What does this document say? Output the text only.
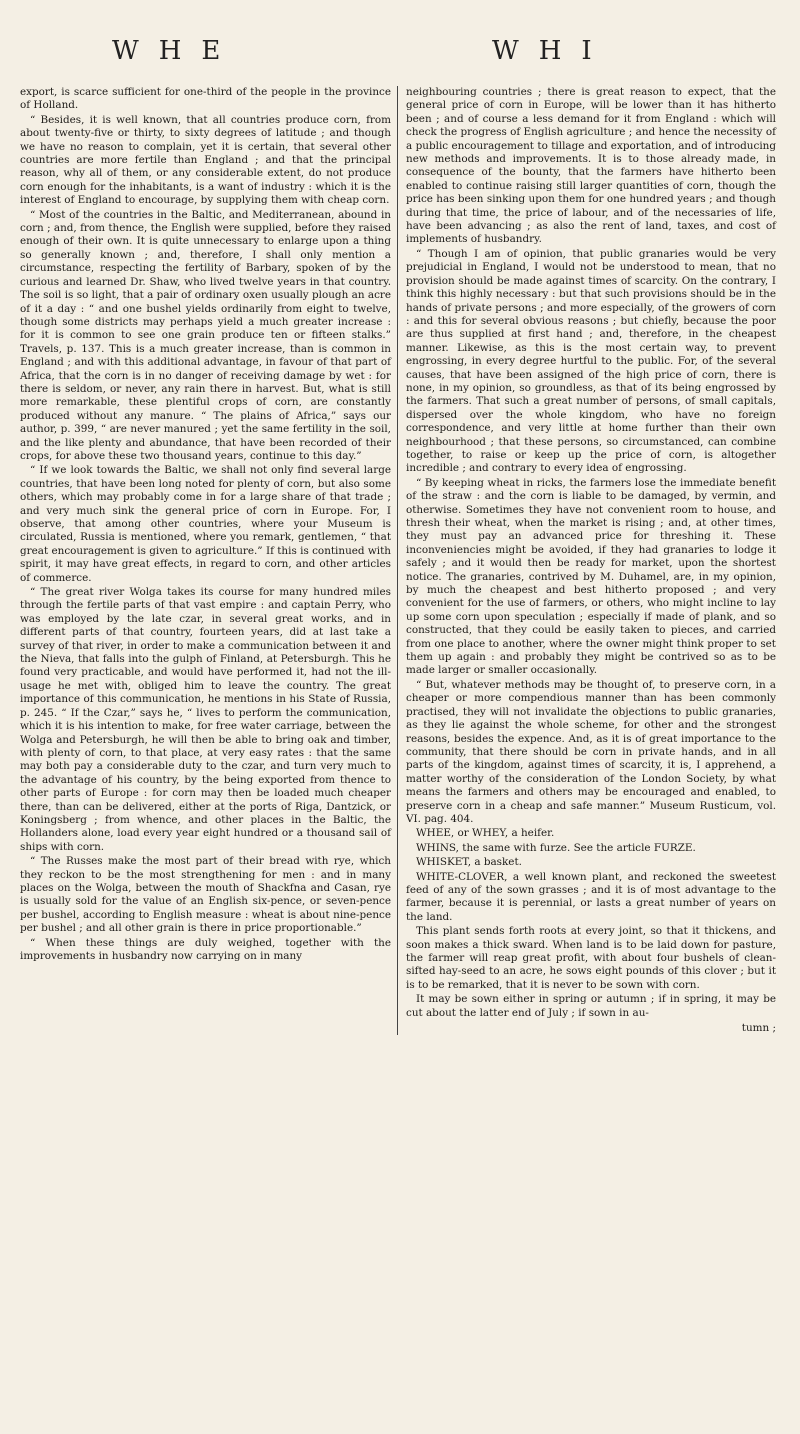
WHE	WHI

export, is scarce sufficient for one-third of the people in the province of Holland.

“ Besides, it is well known, that all countries produce corn, from about twenty-five or thirty, to sixty degrees of latitude ; and though we have no reason to complain, yet it is certain, that several other countries are more fertile than England ; and that the principal reason, why all of them, or any considerable extent, do not produce corn enough for the inhabitants, is a want of industry : which it is the interest of England to encourage, by supplying them with cheap corn.

“ Most of the countries in the Baltic, and Mediterranean, abound in corn ; and, from thence, the English were supplied, before they raised enough of their own. It is quite unnecessary to enlarge upon a thing so generally known ; and, therefore, I shall only mention a circumstance, respecting the fertility of Barbary, spoken of by the curious and learned Dr. Shaw, who lived twelve years in that country. The soil is so light, that a pair of ordinary oxen usually plough an acre of it a day : “ and one bushel yields ordinarily from eight to twelve, though some districts may perhaps yield a much greater increase : for it is common to see one grain produce ten or fifteen stalks.” Travels, p. 137. This is a much greater increase, than is common in England ; and with this additional advantage, in favour of that part of Africa, that the corn is in no danger of receiving damage by wet : for there is seldom, or never, any rain there in harvest. But, what is still more remarkable, these plentiful crops of corn, are constantly produced without any manure. “ The plains of Africa,” says our author, p. 399, “ are never manured ; yet the same fertility in the soil, and the like plenty and abundance, that have been recorded of their crops, for above these two thousand years, continue to this day.”

“ If we look towards the Baltic, we shall not only find several large countries, that have been long noted for plenty of corn, but also some others, which may probably come in for a large share of that trade ; and very much sink the general price of corn in Europe. For, I observe, that among other countries, where your Museum is circulated, Russia is mentioned, where you remark, gentlemen, “ that great encouragement is given to agriculture.” If this is continued with spirit, it may have great effects, in regard to corn, and other articles of commerce.

“ The great river Wolga takes its course for many hundred miles through the fertile parts of that vast empire : and captain Perry, who was employed by the late czar, in several great works, and in different parts of that country, fourteen years, did at last take a survey of that river, in order to make a communication between it and the Nieva, that falls into the gulph of Finland, at Petersburgh. This he found very practicable, and would have performed it, had not the ill-usage he met with, obliged him to leave the country. The great importance of this communication, he mentions in his State of Russia, p. 245. “ If the Czar,” says he, “ lives to perform the communication, which it is his intention to make, for free water carriage, between the Wolga and Petersburgh, he will then be able to bring oak and timber, with plenty of corn, to that place, at very easy rates : that the same may both pay a considerable duty to the czar, and turn very much to the advantage of his country, by the being exported from thence to other parts of Europe : for corn may then be loaded much cheaper there, than can be delivered, either at the ports of Riga, Dantzick, or Koningsberg ; from whence, and other places in the Baltic, the Hollanders alone, load every year eight hundred or a thousand sail of ships with corn.

“ The Russes make the most part of their bread with rye, which they reckon to be the most strengthening for men : and in many places on the Wolga, between the mouth of Shackfna and Casan, rye is usually sold for the value of an English six-pence, or seven-pence per bushel, according to English measure : wheat is about nine-pence per bushel ; and all other grain is there in price proportionable.”

“ When these things are duly weighed, together with the improvements in husbandry now carrying on in many

neighbouring countries ; there is great reason to expect, that the general price of corn in Europe, will be lower than it has hitherto been ; and of course a less demand for it from England : which will check the progress of English agriculture ; and hence the necessity of a public encouragement to tillage and exportation, and of introducing new methods and improvements. It is to those already made, in consequence of the bounty, that the farmers have hitherto been enabled to continue raising still larger quantities of corn, though the price has been sinking upon them for one hundred years ; and though during that time, the price of labour, and of the necessaries of life, have been advancing ; as also the rent of land, taxes, and cost of implements of husbandry.

“ Though I am of opinion, that public granaries would be very prejudicial in England, I would not be understood to mean, that no provision should be made against times of scarcity. On the contrary, I think this highly necessary : but that such provisions should be in the hands of private persons ; and more especially, of the growers of corn : and this for several obvious reasons ; but chiefly, because the poor are thus supplied at first hand ; and, therefore, in the cheapest manner. Likewise, as this is the most certain way, to prevent engrossing, in every degree hurtful to the public. For, of the several causes, that have been assigned of the high price of corn, there is none, in my opinion, so groundless, as that of its being engrossed by the farmers. That such a great number of persons, of small capitals, dispersed over the whole kingdom, who have no foreign correspondence, and very little at home further than their own neighbourhood ; that these persons, so circumstanced, can combine together, to raise or keep up the price of corn, is altogether incredible ; and contrary to every idea of engrossing.

“ By keeping wheat in ricks, the farmers lose the immediate benefit of the straw : and the corn is liable to be damaged, by vermin, and otherwise. Sometimes they have not convenient room to house, and thresh their wheat, when the market is rising ; and, at other times, they must pay an advanced price for threshing it. These inconveniencies might be avoided, if they had granaries to lodge it safely ; and it would then be ready for market, upon the shortest notice. The granaries, contrived by M. Duhamel, are, in my opinion, by much the cheapest and best hitherto proposed ; and very convenient for the use of farmers, or others, who might incline to lay up some corn upon speculation ; especially if made of plank, and so constructed, that they could be easily taken to pieces, and carried from one place to another, where the owner might think proper to set them up again : and probably they might be contrived so as to be made larger or smaller occasionally.

“ But, whatever methods may be thought of, to preserve corn, in a cheaper or more compendious manner than has been commonly practised, they will not invalidate the objections to public granaries, as they lie against the whole scheme, for other and the strongest reasons, besides the expence. And, as it is of great importance to the community, that there should be corn in private hands, and in all parts of the kingdom, against times of scarcity, it is, I apprehend, a matter worthy of the consideration of the London Society, by what means the farmers and others may be encouraged and enabled, to preserve corn in a cheap and safe manner.” Museum Rusticum, vol. VI. pag. 404.

WHEE, or WHEY, a heifer.

WHINS, the same with furze. See the article FURZE.

WHISKET, a basket.

WHITE-CLOVER, a well known plant, and reckoned the sweetest feed of any of the sown grasses ; and it is of most advantage to the farmer, because it is perennial, or lasts a great number of years on the land.

This plant sends forth roots at every joint, so that it thickens, and soon makes a thick sward. When land is to be laid down for pasture, the farmer will reap great profit, with about four bushels of clean-sifted hay-seed to an acre, he sows eight pounds of this clover ; but it is to be remarked, that it is never to be sown with corn.

It may be sown either in spring or autumn ; if in spring, it may be cut about the latter end of July ; if sown in au-

tumn ;
